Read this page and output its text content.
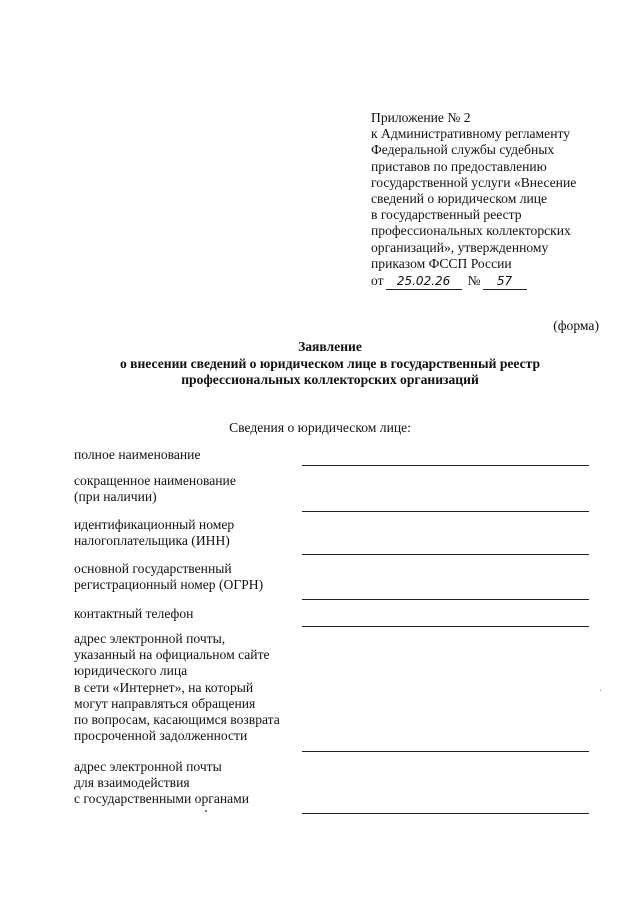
Приложение № 2
к Административному регламенту
Федеральной службы судебных
приставов по предоставлению
государственной услуги «Внесение
сведений о юридическом лице
в государственный реестр
профессиональных коллекторских
организаций», утвержденному
приказом ФССП России
от 25.02.26 № 57
(форма)
Заявление
о внесении сведений о юридическом лице в государственный реестр
профессиональных коллекторских организаций
Сведения о юридическом лице:
полное наименование
сокращенное наименование
(при наличии)
идентификационный номер
налогоплательщика (ИНН)
основной государственный
регистрационный номер (ОГРН)
контактный телефон
адрес электронной почты,
указанный на официальном сайте
юридического лица
в сети «Интернет», на который
могут направляться обращения
по вопросам, касающимся возврата
просроченной задолженности
адрес электронной почты
для взаимодействия
с государственными органами
